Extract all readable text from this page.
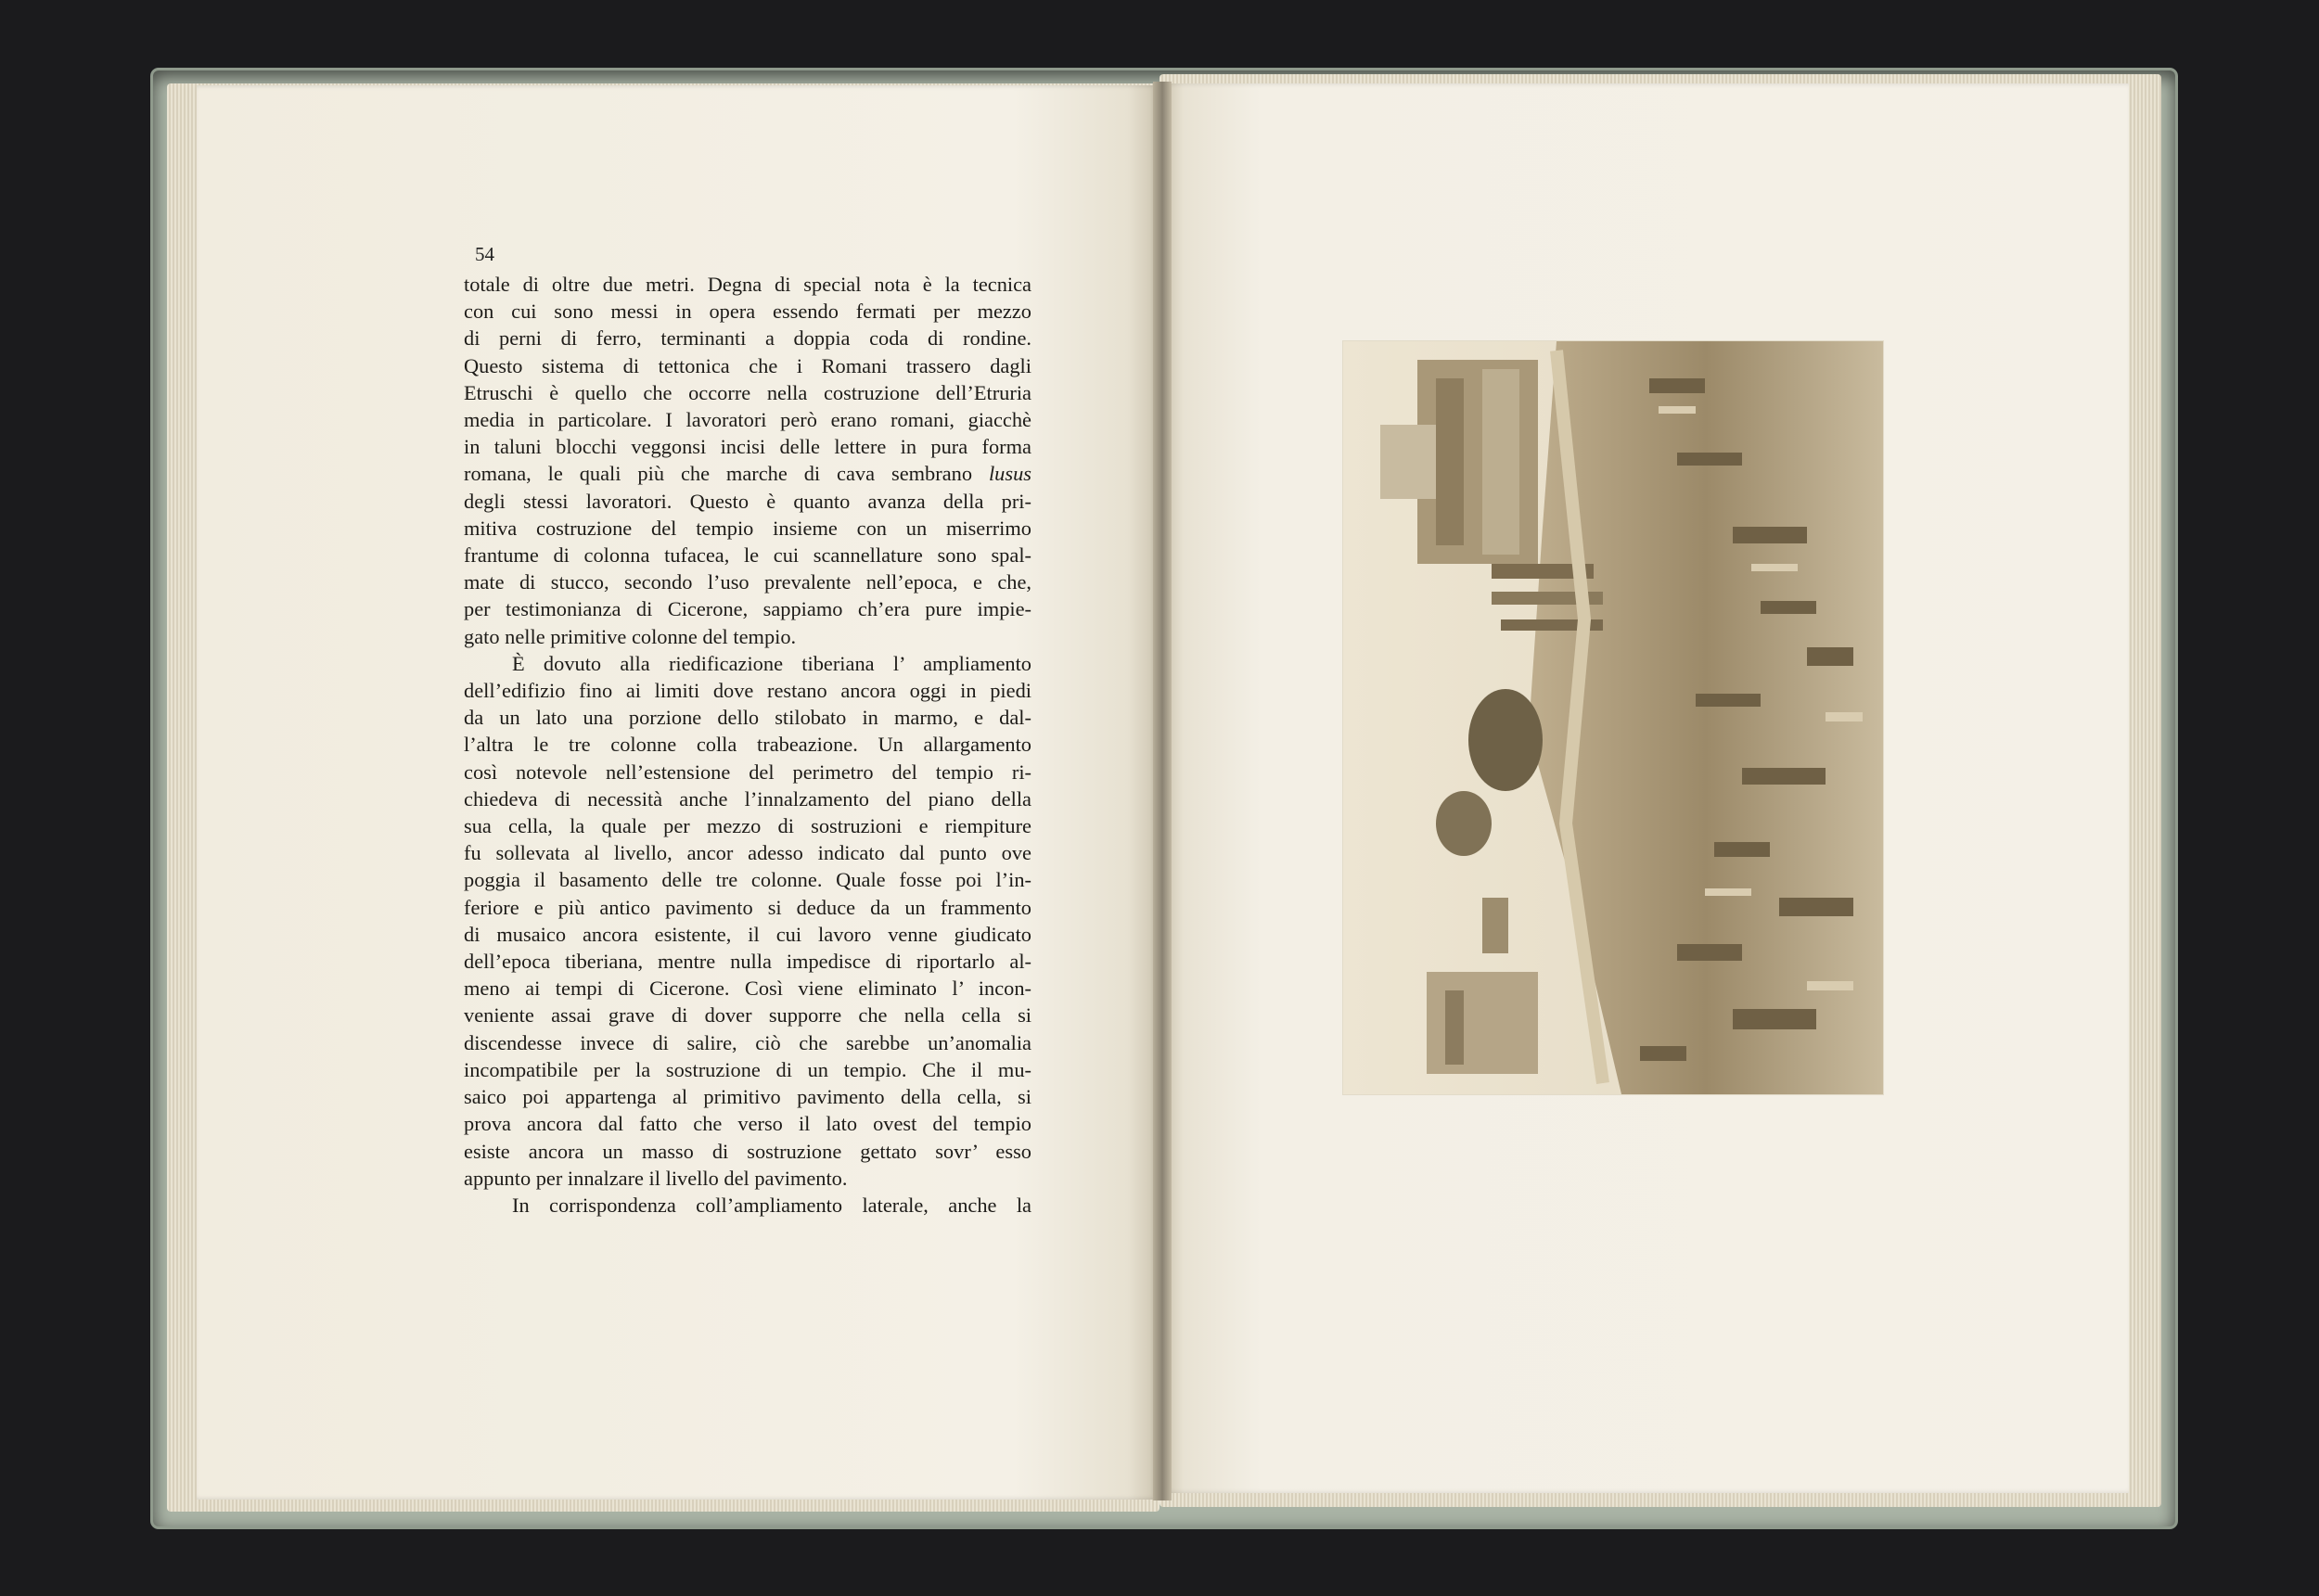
54
totale di oltre due metri. Degna di special nota è la tecnica
con cui sono messi in opera essendo fermati per mezzo
di perni di ferro, terminanti a doppia coda di rondine.
Questo sistema di tettonica che i Romani trassero dagli
Etruschi è quello che occorre nella costruzione dell’Etruria
media in particolare. I lavoratori però erano romani, giacchè
in taluni blocchi veggonsi incisi delle lettere in pura forma
romana, le quali più che marche di cava sembrano lusus
degli stessi lavoratori. Questo è quanto avanza della pri-
mitiva costruzione del tempio insieme con un miserrimo
frantume di colonna tufacea, le cui scannellature sono spal-
mate di stucco, secondo l’uso prevalente nell’epoca, e che,
per testimonianza di Cicerone, sappiamo ch’era pure impie-
gato nelle primitive colonne del tempio.
È dovuto alla riedificazione tiberiana l’ ampliamento
dell’edifizio fino ai limiti dove restano ancora oggi in piedi
da un lato una porzione dello stilobato in marmo, e dal-
l’altra le tre colonne colla trabeazione. Un allargamento
così notevole nell’estensione del perimetro del tempio ri-
chiedeva di necessità anche l’innalzamento del piano della
sua cella, la quale per mezzo di sostruzioni e riempiture
fu sollevata al livello, ancor adesso indicato dal punto ove
poggia il basamento delle tre colonne. Quale fosse poi l’in-
feriore e più antico pavimento si deduce da un frammento
di musaico ancora esistente, il cui lavoro venne giudicato
dell’epoca tiberiana, mentre nulla impedisce di riportarlo al-
meno ai tempi di Cicerone. Così viene eliminato l’ incon-
veniente assai grave di dover supporre che nella cella si
discendesse invece di salire, ciò che sarebbe un’anomalia
incompatibile per la sostruzione di un tempio. Che il mu-
saico poi appartenga al primitivo pavimento della cella, si
prova ancora dal fatto che verso il lato ovest del tempio
esiste ancora un masso di sostruzione gettato sovr’ esso
appunto per innalzare il livello del pavimento.
In corrispondenza coll’ampliamento laterale, anche la
